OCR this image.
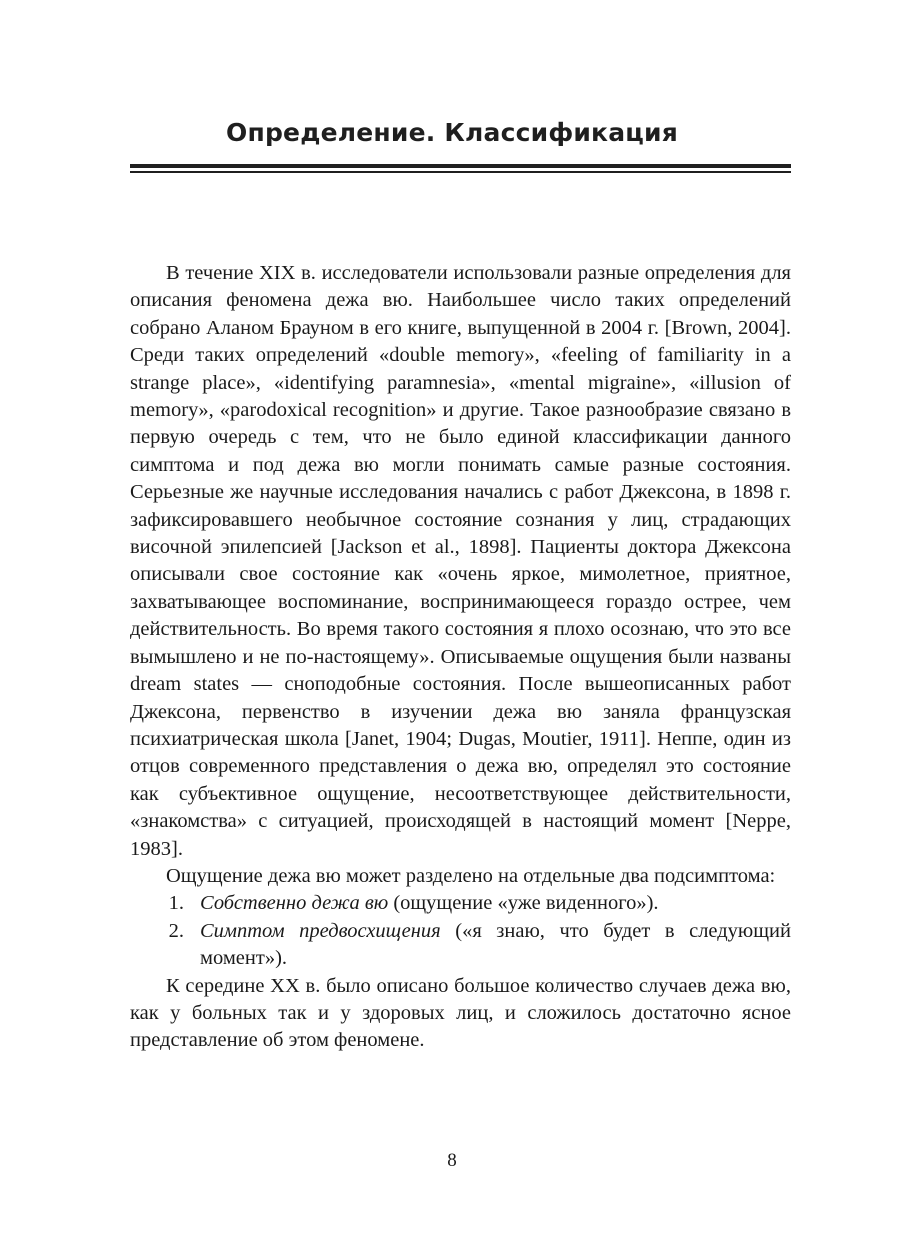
Определение. Классификация

В течение XIX в. исследователи использовали разные определения для описания феномена дежа вю. Наибольшее число таких определений собрано Аланом Брауном в его книге, выпущенной в 2004 г. [Brown, 2004]. Среди таких определений «double memory», «feeling of familiarity in a strange place», «identifying paramnesia», «mental migraine», «illusion of memory», «parodoxical recognition» и другие. Такое разнообразие связано в первую очередь с тем, что не было единой классификации данного симптома и под дежа вю могли понимать самые разные состояния. Серьезные же научные исследования начались с работ Джексона, в 1898 г. зафиксировавшего необычное состояние сознания у лиц, страдающих височной эпилепсией [Jackson et al., 1898]. Пациенты доктора Джексона описывали свое состояние как «очень яркое, мимолетное, приятное, захватывающее воспоминание, воспринимающееся гораздо острее, чем действительность. Во время такого состояния я плохо осознаю, что это все вымышлено и не по-настоящему». Описываемые ощущения были названы dream states — сноподобные состояния. После вышеописанных работ Джексона, первенство в изучении дежа вю заняла французская психиатрическая школа [Janet, 1904; Dugas, Moutier, 1911]. Неппе, один из отцов современного представления о дежа вю, определял это состояние как субъективное ощущение, несоответствующее действительности, «знакомства» с ситуацией, происходящей в настоящий момент [Neppe, 1983].

Ощущение дежа вю может разделено на отдельные два подсимптома:

1. Собственно дежа вю (ощущение «уже виденного»).
2. Симптом предвосхищения («я знаю, что будет в следующий момент»).

К середине XX в. было описано большое количество случаев дежа вю, как у больных так и у здоровых лиц, и сложилось достаточно ясное представление об этом феномене.

8
